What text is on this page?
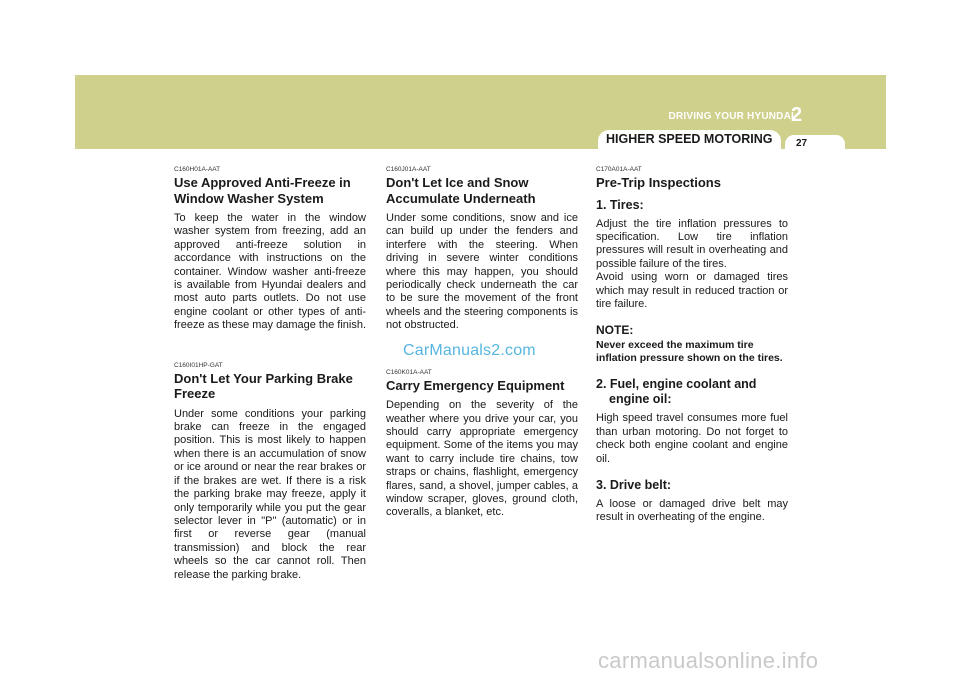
DRIVING YOUR HYUNDAI
2
HIGHER SPEED MOTORING 27

C160H01A-AAT

Use Approved Anti-Freeze in Window Washer System

To keep the water in the window washer system from freezing, add an approved anti-freeze solution in accordance with instructions on the container. Window washer anti-freeze is available from Hyundai dealers and most auto parts outlets. Do not use engine coolant or other types of anti-freeze as these may damage the finish.

C160I01HP-GAT

Don't Let Your Parking Brake Freeze

Under some conditions your parking brake can freeze in the engaged position. This is most likely to happen when there is an accumulation of snow or ice around or near the rear brakes or if the brakes are wet. If there is a risk the parking brake may freeze, apply it only temporarily while you put the gear selector lever in "P" (automatic) or in first or reverse gear (manual transmission) and block the rear wheels so the car cannot roll. Then release the parking brake.

C160J01A-AAT

Don't Let Ice and Snow Accumulate Underneath

Under some conditions, snow and ice can build up under the fenders and interfere with the steering. When driving in severe winter conditions where this may happen, you should periodically check underneath the car to be sure the movement of the front wheels and the steering components is not obstructed.

C160K01A-AAT

Carry Emergency Equipment

Depending on the severity of the weather where you drive your car, you should carry appropriate emergency equipment. Some of the items you may want to carry include tire chains, tow straps or chains, flashlight, emergency flares, sand, a shovel, jumper cables, a window scraper, gloves, ground cloth, coveralls, a blanket, etc.

C170A01A-AAT

Pre-Trip Inspections

1. Tires:

Adjust the tire inflation pressures to specification. Low tire inflation pressures will result in overheating and possible failure of the tires.

Avoid using worn or damaged tires which may result in reduced traction or tire failure.

NOTE:

Never exceed the maximum tire inflation pressure shown on the tires.

2. Fuel, engine coolant and engine oil:

High speed travel consumes more fuel than urban motoring. Do not forget to check both engine coolant and engine oil.

3. Drive belt:

A loose or damaged drive belt may result in overheating of the engine.

CarManuals2.com
carmanualsonline.info
